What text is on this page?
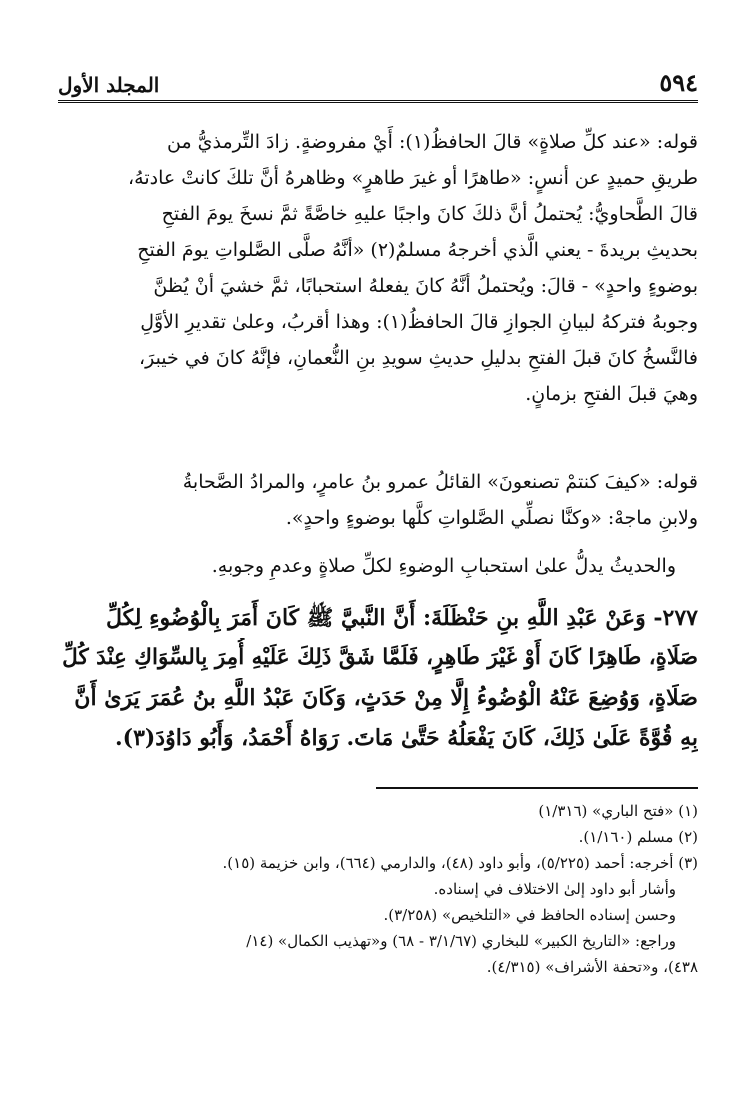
٥٩٤
المجلد الأول
قوله: «عند كلِّ صلاةٍ» قالَ الحافظُ(١): أَيْ مفروضةٍ. زادَ التِّرمذيُّ من
طريقِ حميدٍ عن أنسٍ: «طاهرًا أو غيرَ طاهرٍ» وظاهرهُ أنَّ تلكَ كانتْ عادتهُ،
قالَ الطَّحاويُّ: يُحتملُ أنَّ ذلكَ كانَ واجبًا عليهِ خاصَّةً ثمَّ نسخَ يومَ الفتحِ
بحديثِ بريدةَ - يعني الَّذي أخرجهُ مسلمٌ(٢) «أنَّهُ صلَّى الصَّلواتِ يومَ الفتحِ
بوضوءٍ واحدٍ» - قالَ: ويُحتملُ أنَّهُ كانَ يفعلهُ استحبابًا، ثمَّ خشيَ أنْ يُظنَّ
وجوبهُ فتركهُ لبيانِ الجوازِ قالَ الحافظُ(١): وهذا أقربُ، وعلىٰ تقديرِ الأوَّلِ
فالنَّسخُ كانَ قبلَ الفتحِ بدليلِ حديثِ سويدِ بنِ النُّعمانِ، فإنَّهُ كانَ في خيبرَ،
وهيَ قبلَ الفتحِ بزمانٍ.
قوله: «كيفَ كنتمْ تصنعونَ» القائلُ عمرو بنُ عامرٍ، والمرادُ الصَّحابةُ
ولابنِ ماجهْ: «وكنَّا نصلِّي الصَّلواتِ كلَّها بوضوءٍ واحدٍ».
والحديثُ يدلُّ علىٰ استحبابِ الوضوءِ لكلِّ صلاةٍ وعدمِ وجوبهِ.
٢٧٧- وَعَنْ عَبْدِ اللَّهِ بنِ حَنْظَلَةَ: أَنَّ النَّبيَّ ﷺ كَانَ أَمَرَ بِالْوُضُوءِ لِكُلِّ
صَلَاةٍ، طَاهِرًا كَانَ أَوْ غَيْرَ طَاهِرٍ، فَلَمَّا شَقَّ ذَلِكَ عَلَيْهِ أُمِرَ بِالسِّوَاكِ عِنْدَ كُلِّ
صَلَاةٍ، وَوُضِعَ عَنْهُ الْوُضُوءُ إِلَّا مِنْ حَدَثٍ، وَكَانَ عَبْدُ اللَّهِ بنُ عُمَرَ يَرَىٰ أَنَّ
بِهِ قُوَّةً عَلَىٰ ذَلِكَ، كَانَ يَفْعَلُهُ حَتَّىٰ مَاتَ. رَوَاهُ أَحْمَدُ، وَأَبُو دَاوُدَ(٣).
(١) «فتح الباري» (١/٣١٦)
(٢) مسلم (١/١٦٠).
(٣) أخرجه: أحمد (٥/٢٢٥)، وأبو داود (٤٨)، والدارمي (٦٦٤)، وابن خزيمة (١٥).
وأشار أبو داود إلىٰ الاختلاف في إسناده.
وحسن إسناده الحافظ في «التلخيص» (٣/٢٥٨).
وراجع: «التاريخ الكبير» للبخاري (٣/١/٦٧ - ٦٨) و«تهذيب الكمال» (١٤/
٤٣٨)، و«تحفة الأشراف» (٤/٣١٥).
